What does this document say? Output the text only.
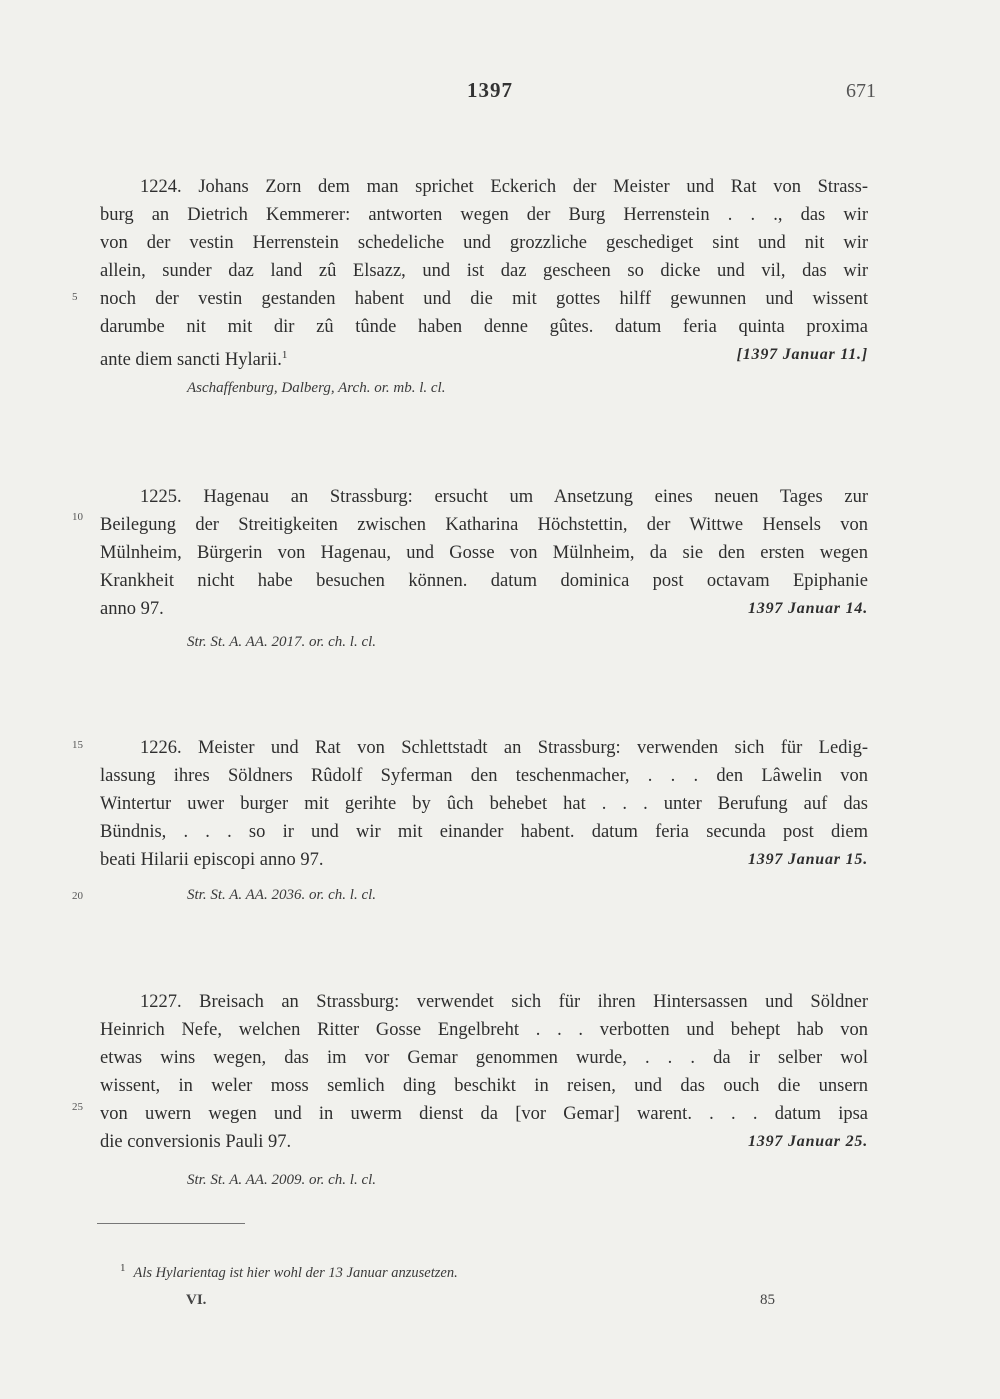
1397	671
5
10
15
20
25
1224. Johans Zorn dem man sprichet Eckerich der Meister und Rat von Strass-
burg an Dietrich Kemmerer: antworten wegen der Burg Herrenstein . . ., das wir
von der vestin Herrenstein schedeliche und grozzliche geschediget sint und nit wir
allein, sunder daz land zû Elsazz, und ist daz gescheen so dicke und vil, das wir
noch der vestin gestanden habent und die mit gottes hilff gewunnen und wissent
darumbe nit mit dir zû tûnde haben denne gûtes. datum feria quinta proxima
ante diem sancti Hylarii.$^1$	[1397 Januar 11.]
Aschaffenburg, Dalberg, Arch. or. mb. l. cl.
1225. Hagenau an Strassburg: ersucht um Ansetzung eines neuen Tages zur
Beilegung der Streitigkeiten zwischen Katharina Höchstettin, der Wittwe Hensels von
Mülnheim, Bürgerin von Hagenau, und Gosse von Mülnheim, da sie den ersten wegen
Krankheit nicht habe besuchen können. datum dominica post octavam Epiphanie
anno 97.	1397 Januar 14.
Str. St. A. AA. 2017. or. ch. l. cl.
1226. Meister und Rat von Schlettstadt an Strassburg: verwenden sich für Ledig-
lassung ihres Söldners Rûdolf Syferman den teschenmacher, . . . den Lâwelin von
Wintertur uwer burger mit gerihte by ûch behebet hat . . . unter Berufung auf das
Bündnis, . . . so ir und wir mit einander habent. datum feria secunda post diem
beati Hilarii episcopi anno 97.	1397 Januar 15.
Str. St. A. AA. 2036. or. ch. l. cl.
1227. Breisach an Strassburg: verwendet sich für ihren Hintersassen und Söldner
Heinrich Nefe, welchen Ritter Gosse Engelbreht . . . verbotten und behept hab von
etwas wins wegen, das im vor Gemar genommen wurde, . . . da ir selber wol
wissent, in weler moss semlich ding beschikt in reisen, und das ouch die unsern
von uwern wegen und in uwerm dienst da [vor Gemar] warent. . . . datum ipsa
die conversionis Pauli 97.	1397 Januar 25.
Str. St. A. AA. 2009. or. ch. l. cl.
$^1$ Als Hylarientag ist hier wohl der 13 Januar anzusetzen.
VI.	85
